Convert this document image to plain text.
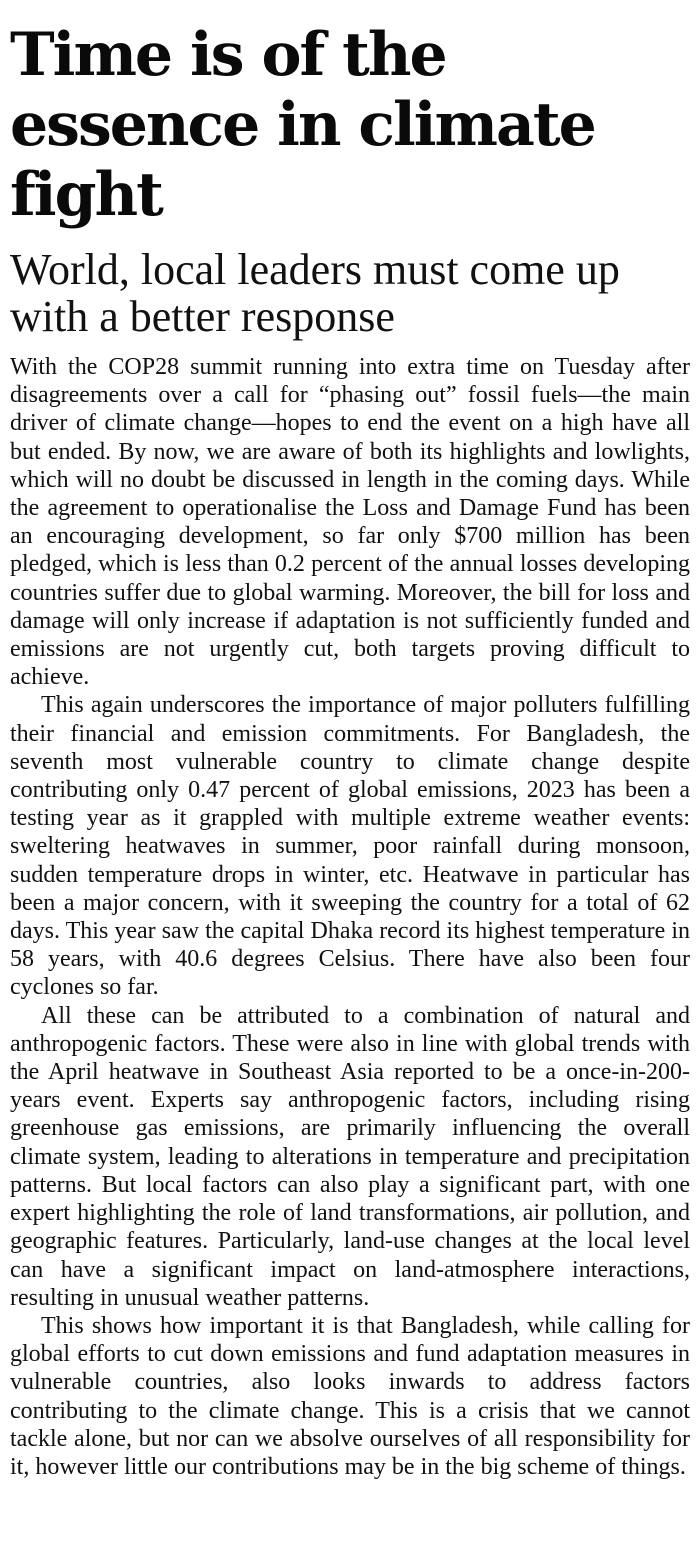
Time is of the essence in climate fight
World, local leaders must come up with a better response

With the COP28 summit running into extra time on Tuesday after disagreements over a call for “phasing out” fossil fuels—the main driver of climate change—hopes to end the event on a high have all but ended. By now, we are aware of both its highlights and lowlights, which will no doubt be discussed in length in the coming days. While the agreement to operationalise the Loss and Damage Fund has been an encouraging development, so far only $700 million has been pledged, which is less than 0.2 percent of the annual losses developing countries suffer due to global warming. Moreover, the bill for loss and damage will only increase if adaptation is not sufficiently funded and emissions are not urgently cut, both targets proving difficult to achieve.

This again underscores the importance of major polluters fulfilling their financial and emission commitments. For Bangladesh, the seventh most vulnerable country to climate change despite contributing only 0.47 percent of global emissions, 2023 has been a testing year as it grappled with multiple extreme weather events: sweltering heatwaves in summer, poor rainfall during monsoon, sudden temperature drops in winter, etc. Heatwave in particular has been a major concern, with it sweeping the country for a total of 62 days. This year saw the capital Dhaka record its highest temperature in 58 years, with 40.6 degrees Celsius. There have also been four cyclones so far.

All these can be attributed to a combination of natural and anthropogenic factors. These were also in line with global trends with the April heatwave in Southeast Asia reported to be a once-in-200-years event. Experts say anthropogenic factors, including rising greenhouse gas emissions, are primarily influencing the overall climate system, leading to alterations in temperature and precipitation patterns. But local factors can also play a significant part, with one expert highlighting the role of land transformations, air pollution, and geographic features. Particularly, land-use changes at the local level can have a significant impact on land-atmosphere interactions, resulting in unusual weather patterns.

This shows how important it is that Bangladesh, while calling for global efforts to cut down emissions and fund adaptation measures in vulnerable countries, also looks inwards to address factors contributing to the climate change. This is a crisis that we cannot tackle alone, but nor can we absolve ourselves of all responsibility for it, however little our contributions may be in the big scheme of things.
